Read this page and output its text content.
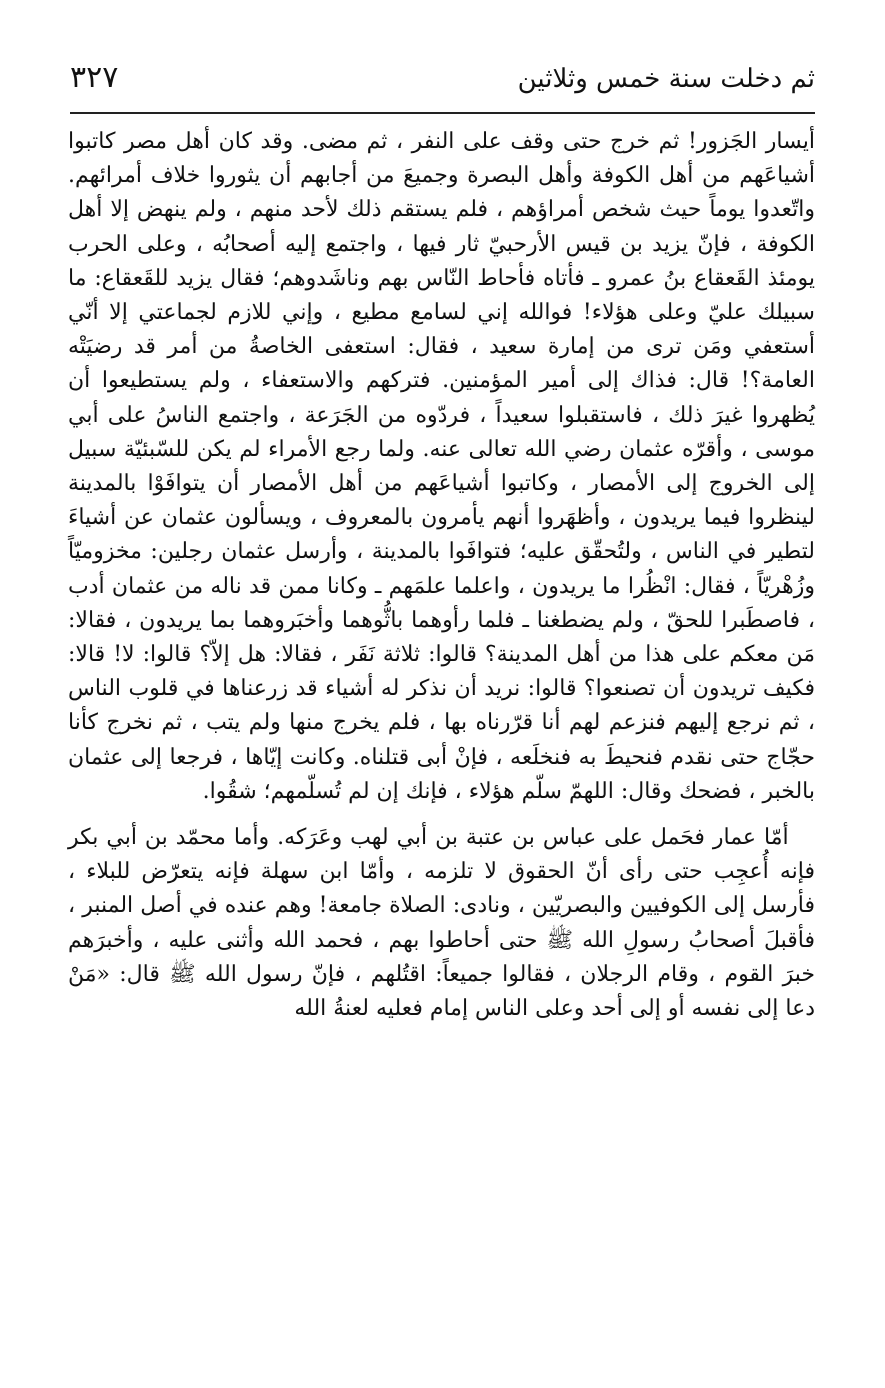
ثم دخلت سنة خمس وثلاثين
٣٢٧

أيسار الجَزور! ثم خرج حتى وقف على النفر ، ثم مضى. وقد كان أهل مصر كاتبوا أشياعَهم من أهل الكوفة وأهل البصرة وجميعَ من أجابهم أن يثوروا خلاف أمرائهم. واتّعدوا يوماً حيث شخص أمراؤهم ، فلم يستقم ذلك لأحد منهم ، ولم ينهض إلا أهل الكوفة ، فإنّ يزيد بن قيس الأرحبيّ ثار فيها ، واجتمع إليه أصحابُه ، وعلى الحرب يومئذ القَعقاع بنُ عمرو ـ فأتاه فأحاط النّاس بهم وناشَدوهم؛ فقال يزيد للقَعقاع: ما سبيلك عليّ وعلى هؤلاء! فوالله إني لسامع مطيع ، وإني للازم لجماعتي إلا أنّي أستعفي ومَن ترى من إمارة سعيد ، فقال: استعفى الخاصةُ من أمر قد رضيَتْه العامة؟! قال: فذاك إلى أمير المؤمنين. فتركهم والاستعفاء ، ولم يستطيعوا أن يُظهروا غيرَ ذلك ، فاستقبلوا سعيداً ، فردّوه من الجَرَعة ، واجتمع الناسُ على أبي موسى ، وأقرّه عثمان رضي الله تعالى عنه. ولما رجع الأمراء لم يكن للسّبئيّة سبيل إلى الخروج إلى الأمصار ، وكاتبوا أشياعَهم من أهل الأمصار أن يتوافَوْا بالمدينة لينظروا فيما يريدون ، وأظهَروا أنهم يأمرون بالمعروف ، ويسألون عثمان عن أشياءَ لتطير في الناس ، ولتُحقّق عليه؛ فتوافَوا بالمدينة ، وأرسل عثمان رجلين: مخزوميّاً وزُهْريّاً ، فقال: انْظُرا ما يريدون ، واعلما علمَهم ـ وكانا ممن قد ناله من عثمان أدب ، فاصطَبرا للحقّ ، ولم يضطغنا ـ فلما رأوهما باثُّوهما وأخبَروهما بما يريدون ، فقالا: مَن معكم على هذا من أهل المدينة؟ قالوا: ثلاثة نَفَر ، فقالا: هل إلاّ؟ قالوا: لا! قالا: فكيف تريدون أن تصنعوا؟ قالوا: نريد أن نذكر له أشياء قد زرعناها في قلوب الناس ، ثم نرجع إليهم فنزعم لهم أنا قرّرناه بها ، فلم يخرج منها ولم يتب ، ثم نخرج كأنا حجّاج حتى نقدم فنحيطَ به فنخلَعه ، فإنْ أبى قتلناه. وكانت إيّاها ، فرجعا إلى عثمان بالخبر ، فضحك وقال: اللهمّ سلّم هؤلاء ، فإنك إن لم تُسلّمهم؛ شقُوا.

أمّا عمار فحَمل على عباس بن عتبة بن أبي لهب وعَرَكه. وأما محمّد بن أبي بكر فإنه أُعجِب حتى رأى أنّ الحقوق لا تلزمه ، وأمّا ابن سهلة فإنه يتعرّض للبلاء ، فأرسل إلى الكوفيين والبصريّين ، ونادى: الصلاة جامعة! وهم عنده في أصل المنبر ، فأقبلَ أصحابُ رسولِ الله ﷺ حتى أحاطوا بهم ، فحمد الله وأثنى عليه ، وأخبرَهم خبرَ القوم ، وقام الرجلان ، فقالوا جميعاً: اقتُلهم ، فإنّ رسول الله ﷺ قال: «مَنْ دعا إلى نفسه أو إلى أحد وعلى الناس إمام فعليه لعنةُ الله
